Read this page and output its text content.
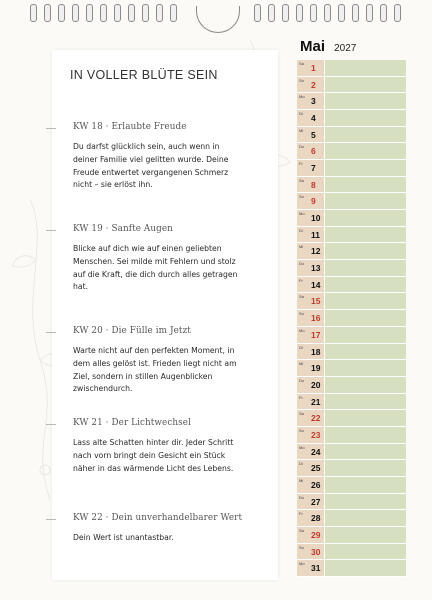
IN VOLLER BLÜTE SEIN
KW 18 · Erlaubte Freude
Du darfst glücklich sein, auch wenn in
deiner Familie viel gelitten wurde. Deine
Freude entwertet vergangenen Schmerz
nicht – sie erlöst ihn.
KW 19 · Sanfte Augen
Blicke auf dich wie auf einen geliebten
Menschen. Sei milde mit Fehlern und stolz
auf die Kraft, die dich durch alles getragen
hat.
KW 20 · Die Fülle im Jetzt
Warte nicht auf den perfekten Moment, in
dem alles gelöst ist. Frieden liegt nicht am
Ziel, sondern in stillen Augenblicken
zwischendurch.
KW 21 · Der Lichtwechsel
Lass alte Schatten hinter dir. Jeder Schritt
nach vorn bringt dein Gesicht ein Stück
näher in das wärmende Licht des Lebens.
KW 22 · Dein unverhandelbarer Wert
Dein Wert ist unantastbar.
Mai 2027
Sa 1
So 2
Mo 3
Di 4
Mi 5
Do 6
Fr 7
Sa 8
So 9
Mo 10
Di 11
Mi 12
Do 13
Fr 14
Sa 15
So 16
Mo 17
Di 18
Mi 19
Do 20
Fr 21
Sa 22
So 23
Mo 24
Di 25
Mi 26
Do 27
Fr 28
Sa 29
So 30
Mo 31
